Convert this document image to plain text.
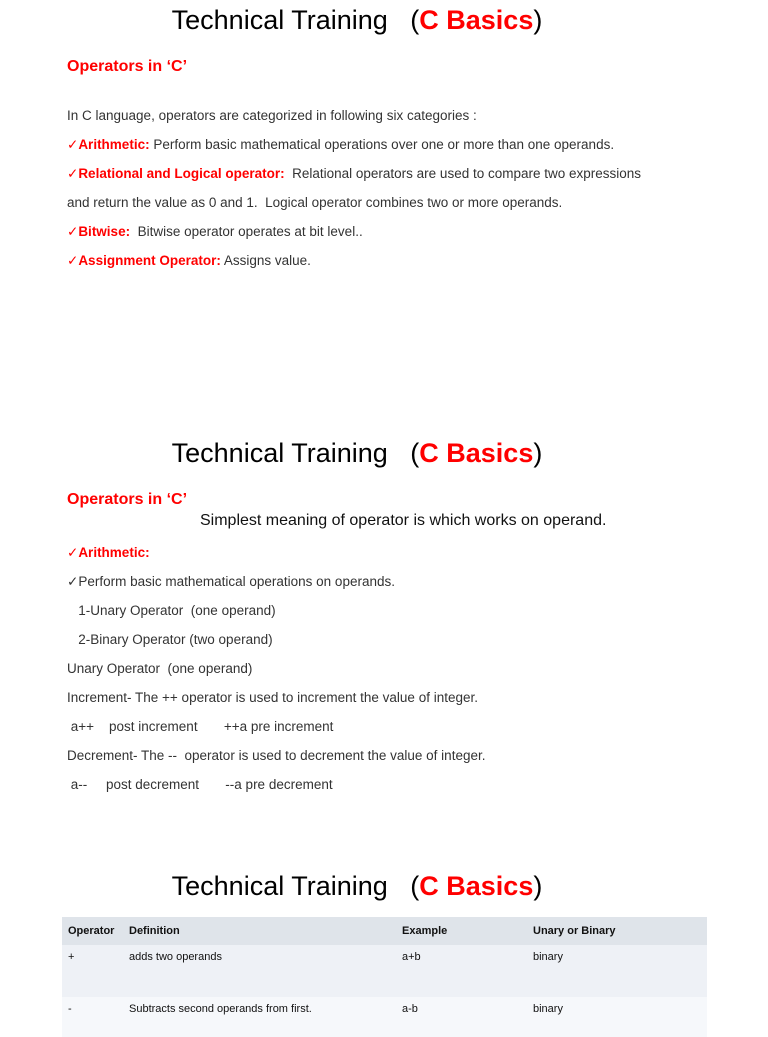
Technical Training   (C Basics)
Operators in ‘C’
In C language, operators are categorized in following six categories :
✓Arithmetic: Perform basic mathematical operations over one or more than one operands.
✓Relational and Logical operator:  Relational operators are used to compare two expressions
and return the value as 0 and 1.  Logical operator combines two or more operands.
✓Bitwise:  Bitwise operator operates at bit level..
✓Assignment Operator: Assigns value.
Technical Training   (C Basics)
Operators in ‘C’
Simplest meaning of operator is which works on operand.
✓Arithmetic:
✓Perform basic mathematical operations on operands.
1-Unary Operator  (one operand)
2-Binary Operator (two operand)
Unary Operator  (one operand)
Increment- The ++ operator is used to increment the value of integer.
a++    post increment       ++a pre increment
Decrement- The --  operator is used to decrement the value of integer.
a--     post decrement       --a pre decrement
Technical Training   (C Basics)
Operator	Definition	Example	Unary or Binary
+	adds two operands	a+b	binary
-	Subtracts second operands from first.	a-b	binary
